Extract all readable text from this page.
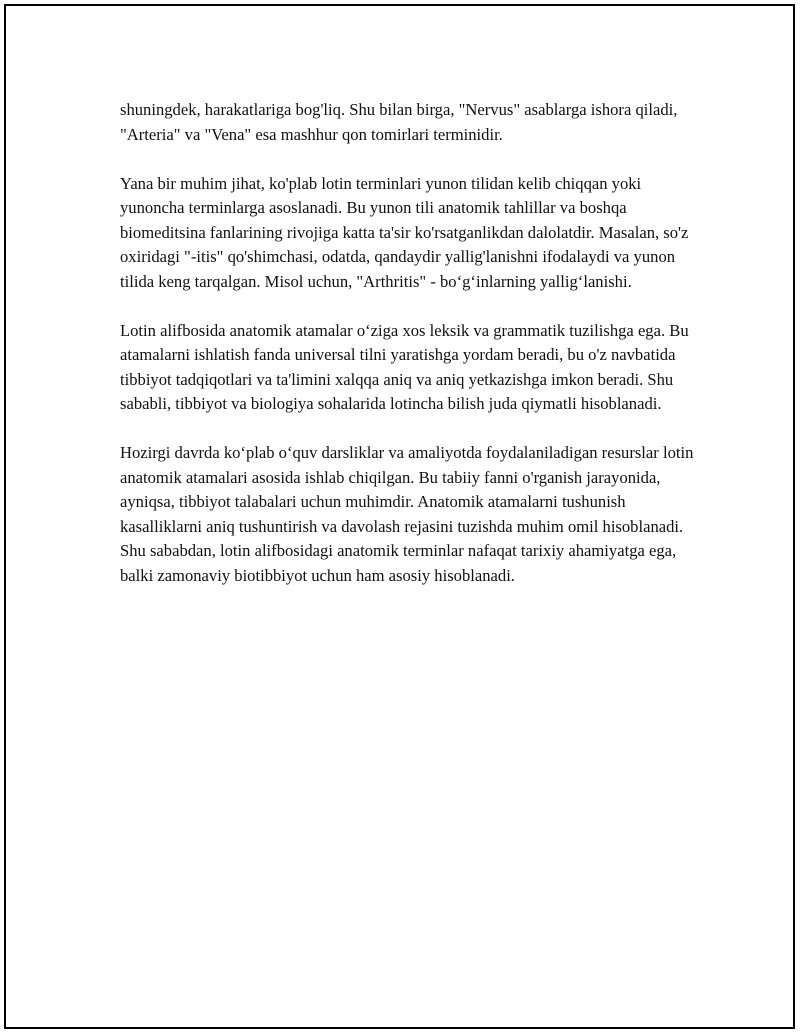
shuningdek, harakatlariga bog'liq. Shu bilan birga, "Nervus" asablarga ishora qiladi, "Arteria" va "Vena" esa mashhur qon tomirlari terminidir.

Yana bir muhim jihat, ko'plab lotin terminlari yunon tilidan kelib chiqqan yoki yunoncha terminlarga asoslanadi. Bu yunon tili anatomik tahlillar va boshqa biomeditsina fanlarining rivojiga katta ta'sir ko'rsatganlikdan dalolatdir. Masalan, so'z oxiridagi "-itis" qo'shimchasi, odatda, qandaydir yallig'lanishni ifodalaydi va yunon tilida keng tarqalgan. Misol uchun, "Arthritis" - bo‘g‘inlarning yallig‘lanishi.

Lotin alifbosida anatomik atamalar o‘ziga xos leksik va grammatik tuzilishga ega. Bu atamalarni ishlatish fanda universal tilni yaratishga yordam beradi, bu o'z navbatida tibbiyot tadqiqotlari va ta'limini xalqqa aniq va aniq yetkazishga imkon beradi. Shu sababli, tibbiyot va biologiya sohalarida lotincha bilish juda qiymatli hisoblanadi.

Hozirgi davrda ko‘plab o‘quv darsliklar va amaliyotda foydalaniladigan resurslar lotin anatomik atamalari asosida ishlab chiqilgan. Bu tabiiy fanni o'rganish jarayonida, ayniqsa, tibbiyot talabalari uchun muhimdir. Anatomik atamalarni tushunish kasalliklarni aniq tushuntirish va davolash rejasini tuzishda muhim omil hisoblanadi. Shu sababdan, lotin alifbosidagi anatomik terminlar nafaqat tarixiy ahamiyatga ega, balki zamonaviy biotibbiyot uchun ham asosiy hisoblanadi.
